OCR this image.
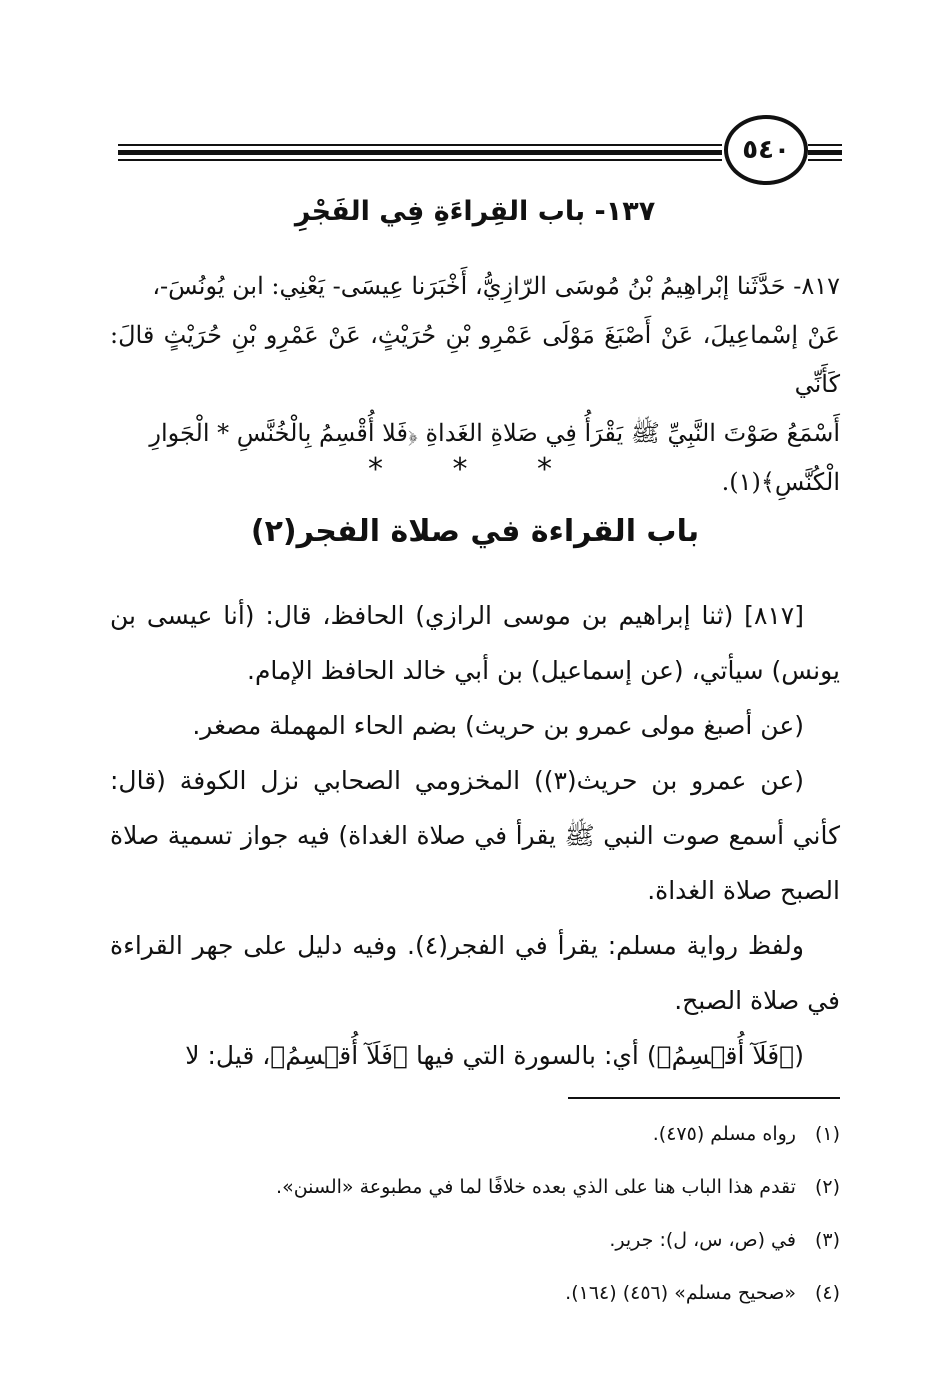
٥٤٠
١٣٧- باب القِراءَةِ فِي الفَجْرِ

٨١٧- حَدَّثَنا إبْراهِيمُ بْنُ مُوسَى الرّازِيُّ، أَخْبَرَنا عِيسَى- يَعْنِي: ابن يُونُسَ-،

عَنْ إسْماعِيلَ، عَنْ أَصْبَغَ مَوْلَى عَمْرِو بْنِ حُرَيْثٍ، عَنْ عَمْرِو بْنِ حُرَيْثٍ قالَ: كَأَنِّي

أَسْمَعُ صَوْتَ النَّبِيِّ ﷺ يَقْرَأُ فِي صَلاةِ الغَداةِ ﴿فَلا أُقْسِمُ بِالْخُنَّسِ * الْجَوارِ

الْكُنَّسِ﴾(١).

* * *
باب القراءة في صلاة الفجر(٢)

[٨١٧] (ثنا إبراهيم بن موسى الرازي) الحافظ، قال: (أنا عيسى بن يونس) سيأتي، (عن إسماعيل) بن أبي خالد الحافظ الإمام.

(عن أصبغ مولى عمرو بن حريث) بضم الحاء المهملة مصغر.

(عن عمرو بن حريث(٣)) المخزومي الصحابي نزل الكوفة (قال: كأني أسمع صوت النبي ﷺ يقرأ في صلاة الغداة) فيه جواز تسمية صلاة الصبح صلاة الغداة.

ولفظ رواية مسلم: يقرأ في الفجر(٤). وفيه دليل على جهر القراءة في صلاة الصبح.

(﴿فَلَآ أُقۡسِمُ﴾) أي: بالسورة التي فيها ﴿فَلَآ أُقۡسِمُ﴾، قيل: لا

(١) رواه مسلم (٤٧٥).
(٢) تقدم هذا الباب هنا على الذي بعده خلافًا لما في مطبوعة «السنن».
(٣) في (ص، س، ل): جرير.
(٤) «صحيح مسلم» (٤٥٦) (١٦٤).
